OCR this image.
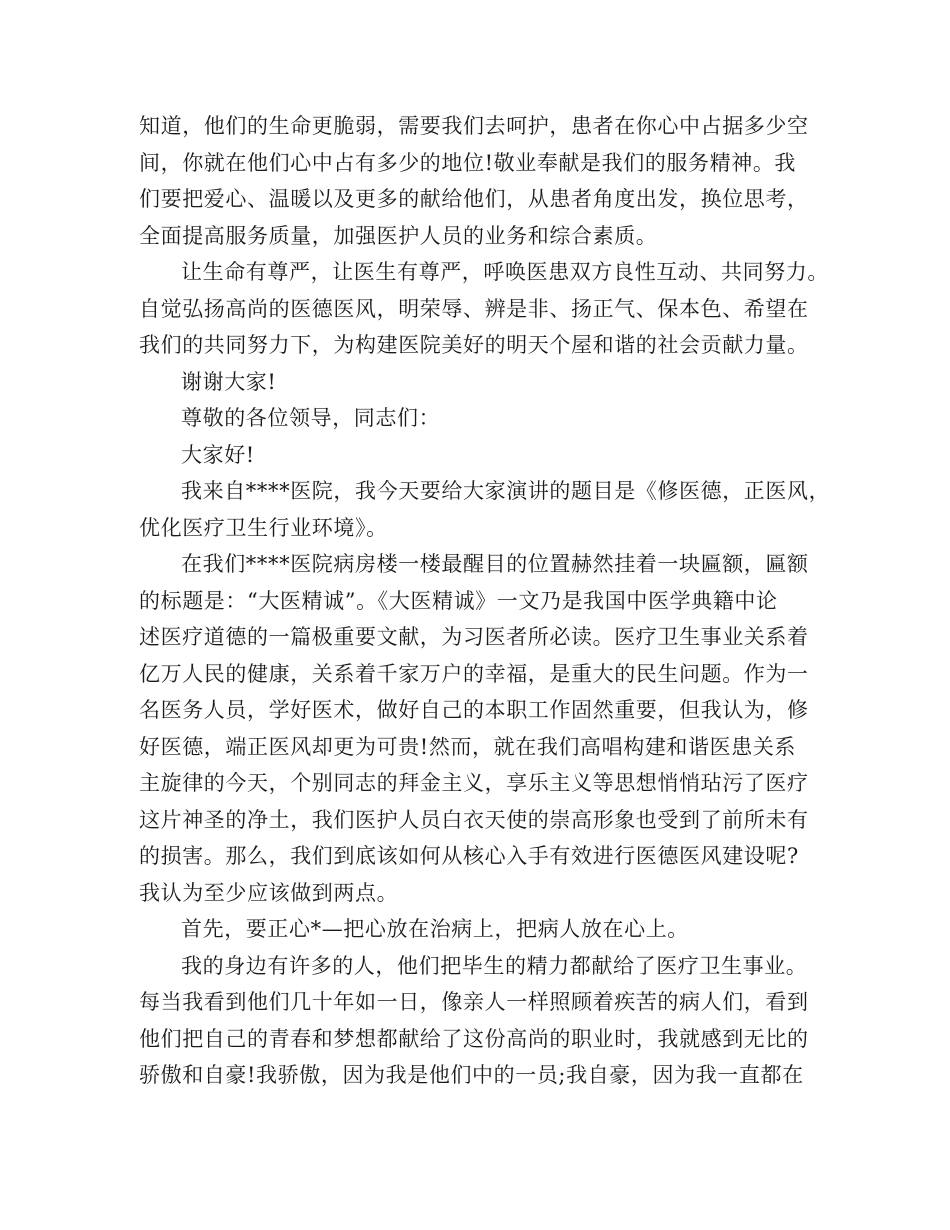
知道，他们的生命更脆弱，需要我们去呵护，患者在你心中占据多少空
间，你就在他们心中占有多少的地位!敬业奉献是我们的服务精神。我
们要把爱心、温暖以及更多的献给他们，从患者角度出发，换位思考，
全面提高服务质量，加强医护人员的业务和综合素质。
让生命有尊严，让医生有尊严，呼唤医患双方良性互动、共同努力。
自觉弘扬高尚的医德医风，明荣辱、辨是非、扬正气、保本色、希望在
我们的共同努力下，为构建医院美好的明天个屋和谐的社会贡献力量。
谢谢大家!
尊敬的各位领导，同志们：
大家好!
我来自****医院，我今天要给大家演讲的题目是《修医德，正医风，
优化医疗卫生行业环境》。
在我们****医院病房楼一楼最醒目的位置赫然挂着一块匾额，匾额
的标题是：“大医精诚”。《大医精诚》一文乃是我国中医学典籍中论
述医疗道德的一篇极重要文献，为习医者所必读。医疗卫生事业关系着
亿万人民的健康，关系着千家万户的幸福，是重大的民生问题。作为一
名医务人员，学好医术，做好自己的本职工作固然重要，但我认为，修
好医德，端正医风却更为可贵!然而，就在我们高唱构建和谐医患关系
主旋律的今天，个别同志的拜金主义，享乐主义等思想悄悄玷污了医疗
这片神圣的净土，我们医护人员白衣天使的崇高形象也受到了前所未有
的损害。那么，我们到底该如何从核心入手有效进行医德医风建设呢?
我认为至少应该做到两点。
首先，要正心*—把心放在治病上，把病人放在心上。
我的身边有许多的人，他们把毕生的精力都献给了医疗卫生事业。
每当我看到他们几十年如一日，像亲人一样照顾着疾苦的病人们，看到
他们把自己的青春和梦想都献给了这份高尚的职业时，我就感到无比的
骄傲和自豪!我骄傲，因为我是他们中的一员;我自豪，因为我一直都在
